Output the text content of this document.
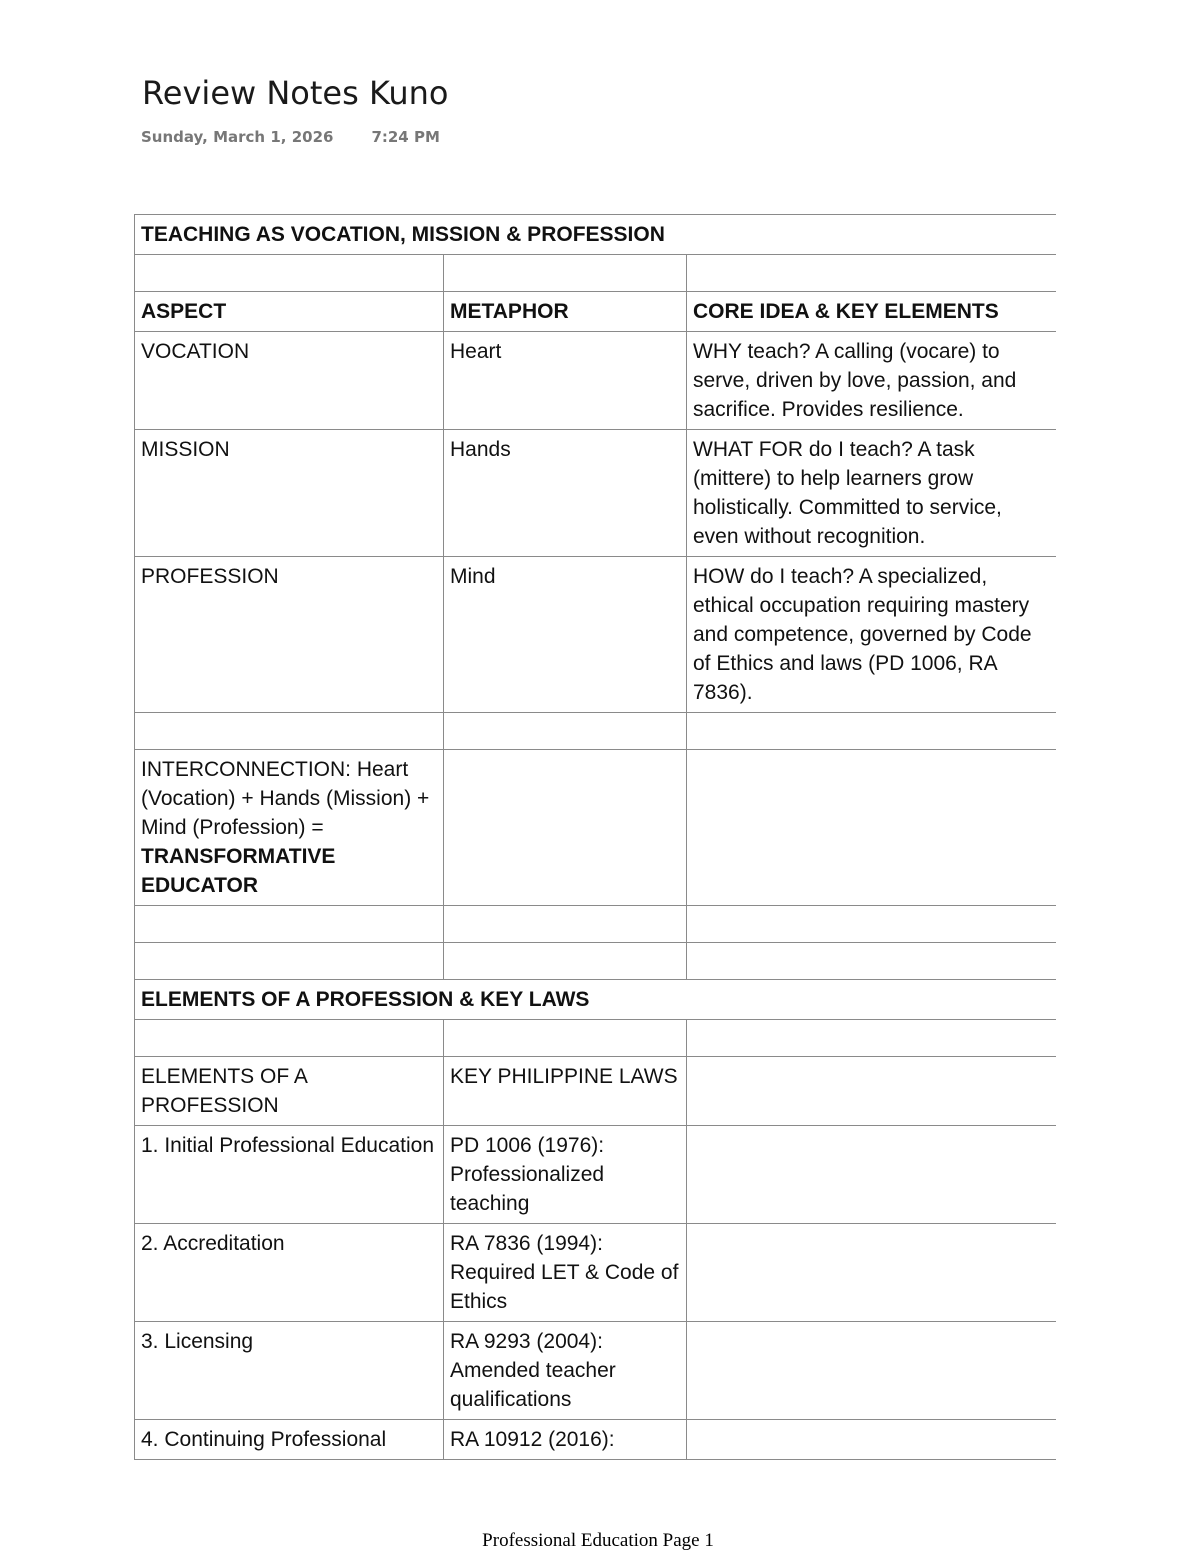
Review Notes Kuno
Sunday, March 1, 2026	7:24 PM
TEACHING AS VOCATION, MISSION & PROFESSION		

ASPECT	METAPHOR	CORE IDEA & KEY ELEMENTS
VOCATION	Heart	WHY teach? A calling (vocare) to serve, driven by love, passion, and sacrifice. Provides resilience.
MISSION	Hands	WHAT FOR do I teach? A task (mittere) to help learners grow holistically. Committed to service, even without recognition.
PROFESSION	Mind	HOW do I teach? A specialized, ethical occupation requiring mastery and competence, governed by Code of Ethics and laws (PD 1006, RA 7836).

INTERCONNECTION: Heart (Vocation) + Hands (Mission) + Mind (Profession) =
TRANSFORMATIVE EDUCATOR		

ELEMENTS OF A PROFESSION & KEY LAWS		

ELEMENTS OF A PROFESSION	KEY PHILIPPINE LAWS	
1. Initial Professional Education	PD 1006 (1976): Professionalized teaching	
2. Accreditation	RA 7836 (1994): Required LET & Code of Ethics	
3. Licensing	RA 9293 (2004): Amended teacher qualifications	
4. Continuing Professional	RA 10912 (2016):	
Professional Education Page 1
